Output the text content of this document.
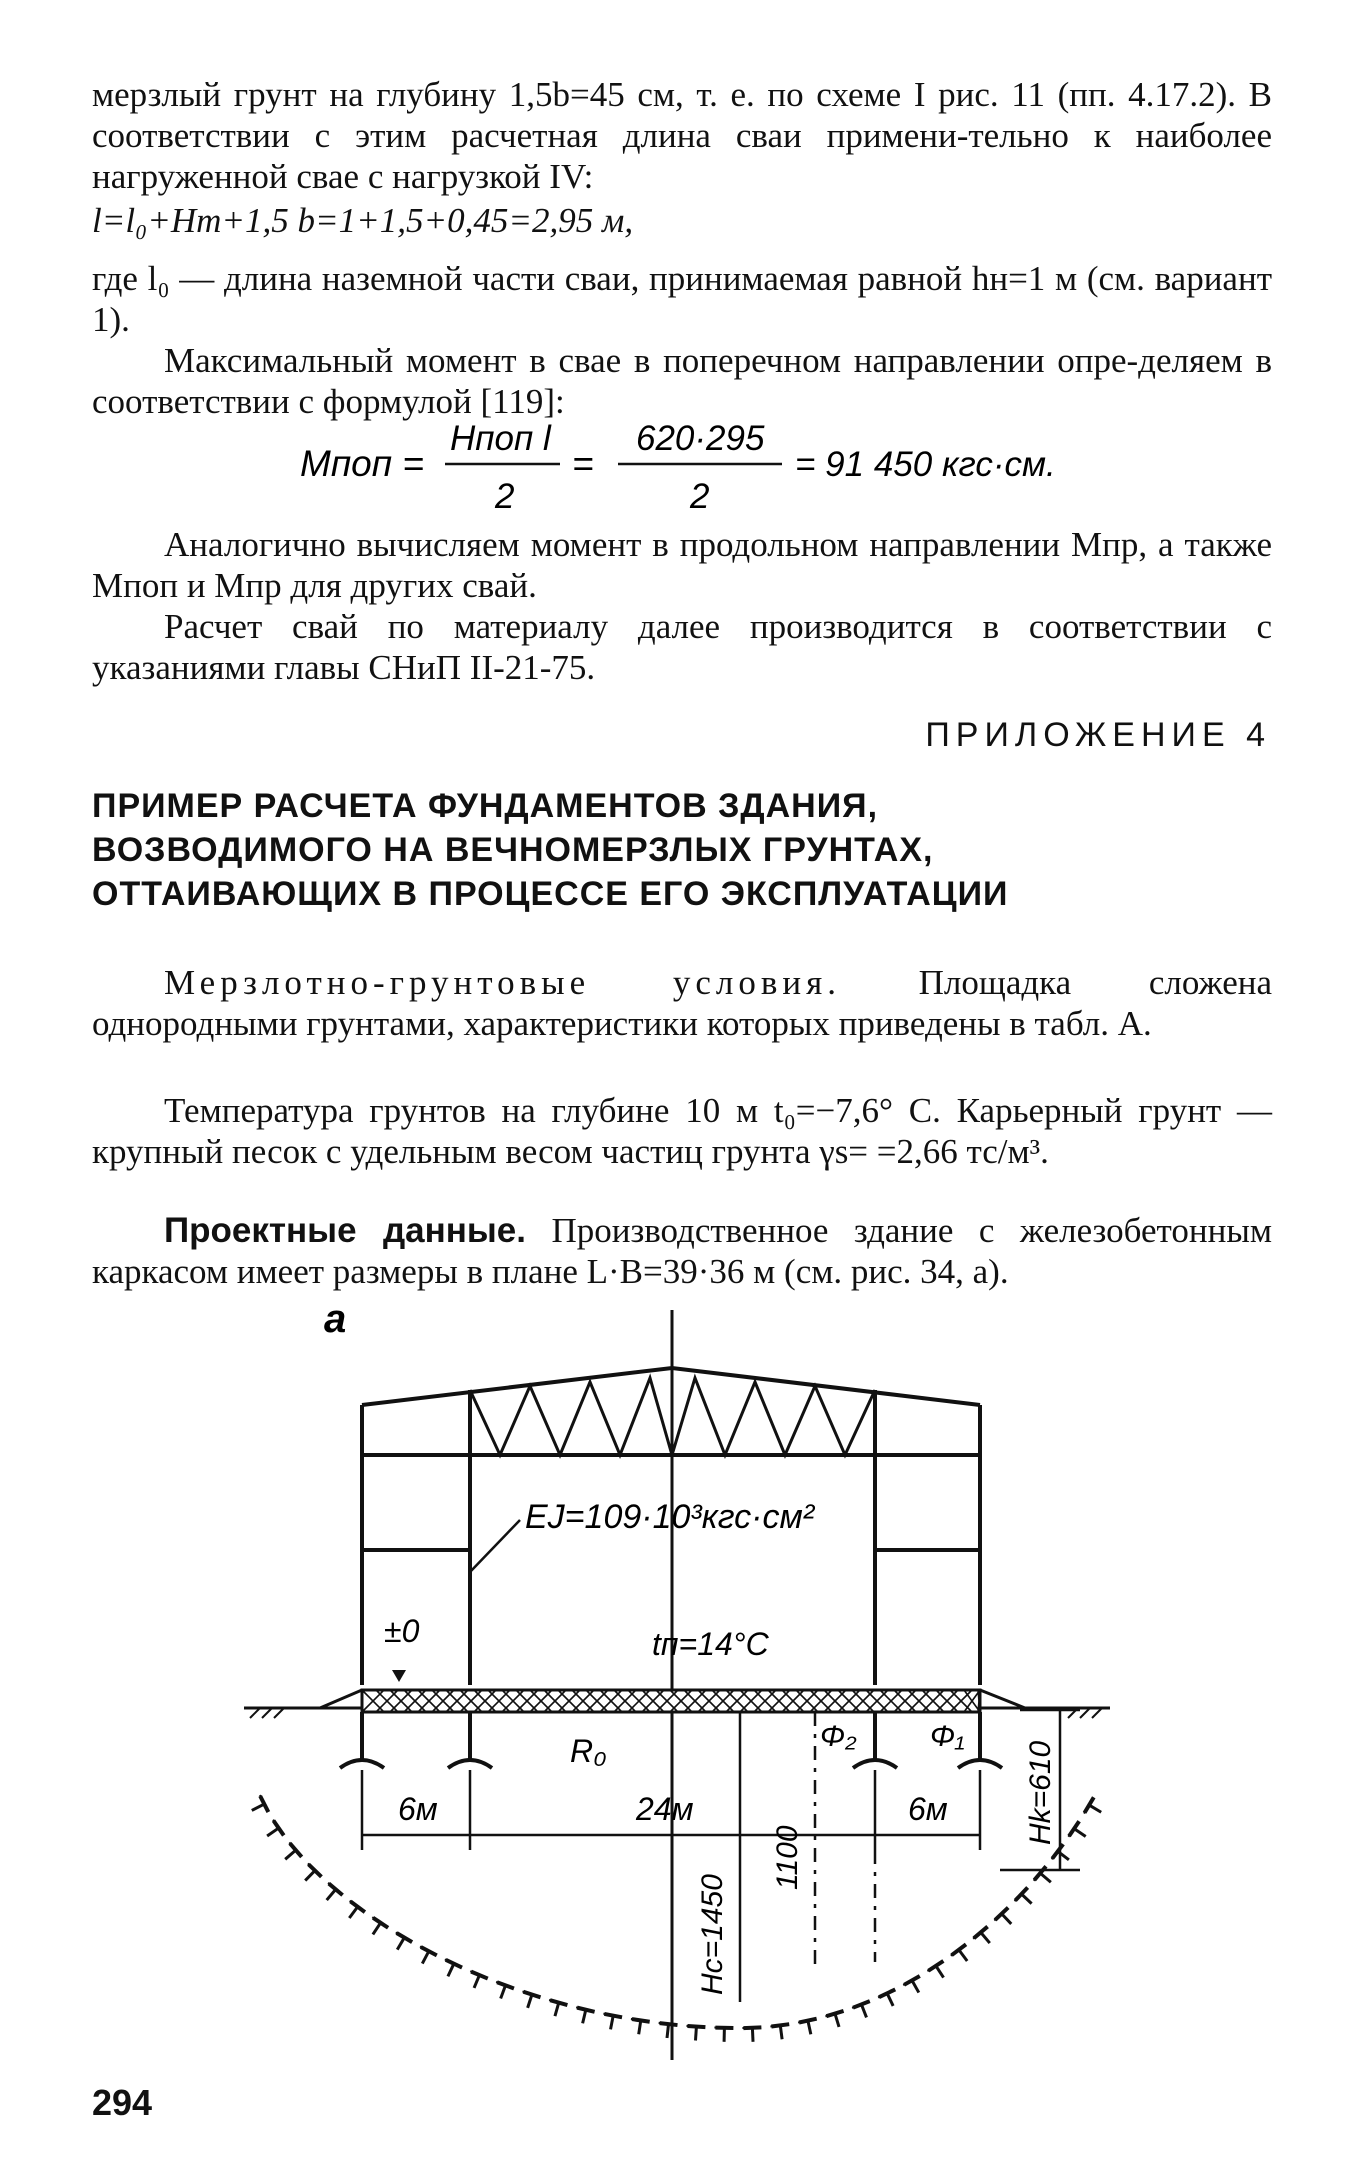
мерзлый грунт на глубину 1,5b=45 см, т. е. по схеме I рис. 11 (пп. 4.17.2). В соответствии с этим расчетная длина сваи примени-тельно к наиболее нагруженной свае с нагрузкой IV:

l=l₀+Hт+1,5 b=1+1,5+0,45=2,95 м,

где l₀ — длина наземной части сваи, принимаемая равной hн=1 м (см. вариант 1).

Максимальный момент в свае в поперечном направлении опре-деляем в соответствии с формулой [119]:

Mпоп =
Hпоп l
2
=
620·295
2
= 91 450 кгс·см.

Аналогично вычисляем момент в продольном направлении Mпр, а также Mпоп и Mпр для других свай.

Расчет свай по материалу далее производится в соответствии с указаниями главы СНиП II-21-75.

ПРИЛОЖЕНИЕ 4
ПРИМЕР РАСЧЕТА ФУНДАМЕНТОВ ЗДАНИЯ,
ВОЗВОДИМОГО НА ВЕЧНОМЕРЗЛЫХ ГРУНТАХ,
ОТТАИВАЮЩИХ В ПРОЦЕССЕ ЕГО ЭКСПЛУАТАЦИИ

Мерзлотно-грунтовые условия. Площадка сложена однородными грунтами, характеристики которых приведены в табл. А.

Температура грунтов на глубине 10 м t₀=−7,6° C. Карьерный грунт — крупный песок с удельным весом частиц грунта γs= =2,66 тс/м³.

Проектные данные. Производственное здание с железобетонным каркасом имеет размеры в плане L·B=39·36 м (см. рис. 34, a).

a
EJ=109·10³кгс·см²
±0	tп=14°C
R₀	Φ₂ Φ₁
6м	24м	6м
Hc=1450
1100
Hk=610
294
